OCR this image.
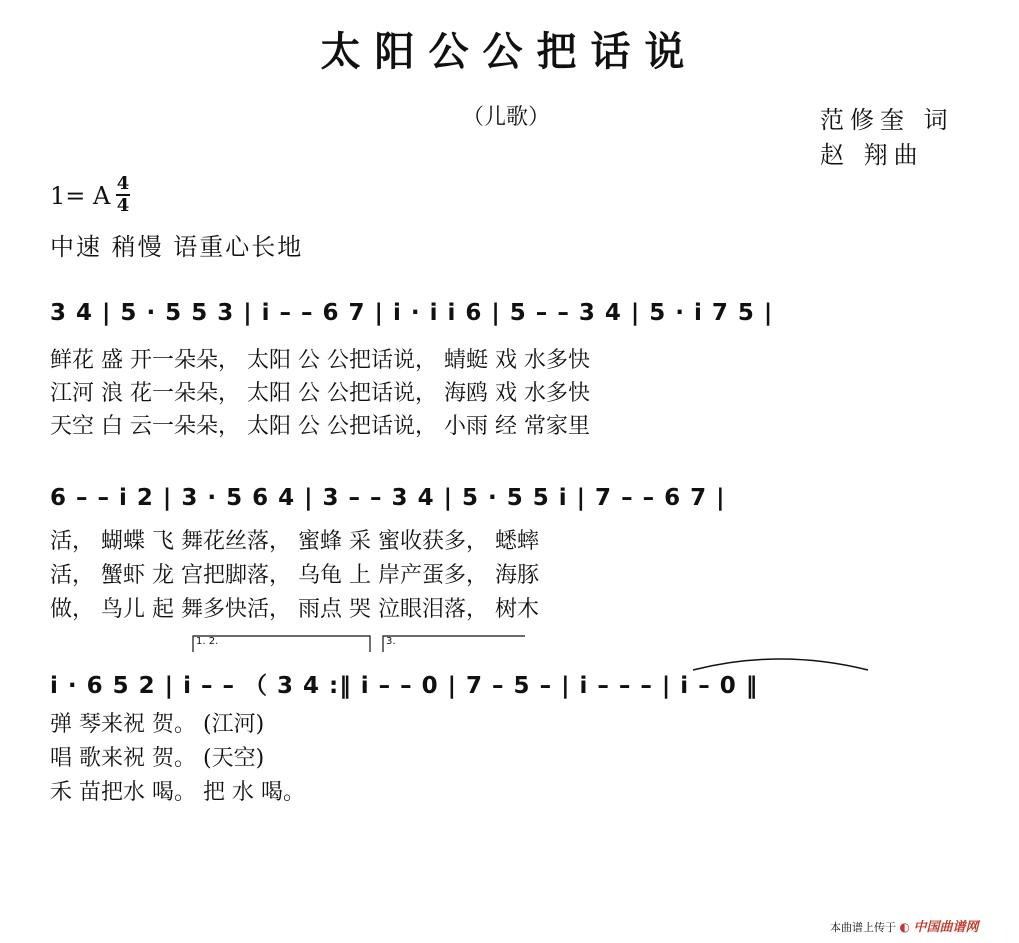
太阳公公把话说
（儿歌）	范修奎 词
赵 翔曲
1= A 4
4
中速 稍慢 语重心长地
3 4 | 5 · 5 5 3 | i – – 6 7 | i · i i 6 | 5 – – 3 4 | 5 · i 7 5 |
鲜花 盛 开一朵朵， 太阳 公 公把话说， 蜻蜓 戏 水多快
江河 浪 花一朵朵， 太阳 公 公把话说， 海鸥 戏 水多快
天空 白 云一朵朵， 太阳 公 公把话说， 小雨 经 常家里
6 – – i 2 | 3 · 5 6 4 | 3 – – 3 4 | 5 · 5 5 i | 7 – – 6 7 |
活， 蝴蝶 飞 舞花丝落， 蜜蜂 采 蜜收获多， 蟋蟀
活， 蟹虾 龙 宫把脚落， 乌龟 上 岸产蛋多， 海豚
做， 鸟儿 起 舞多快活， 雨点 哭 泣眼泪落， 树木
1. 2.	3.
i · 6 5 2 | i – – （ 3 4 :‖ i – – 0 | 7 – 5 – | i – – – | i – 0 ‖
弹 琴来祝 贺。 (江河)
唱 歌来祝 贺。 (天空)
禾 苗把水 喝。 把 水 喝。
本曲谱上传于 ◐ 中国曲谱网
